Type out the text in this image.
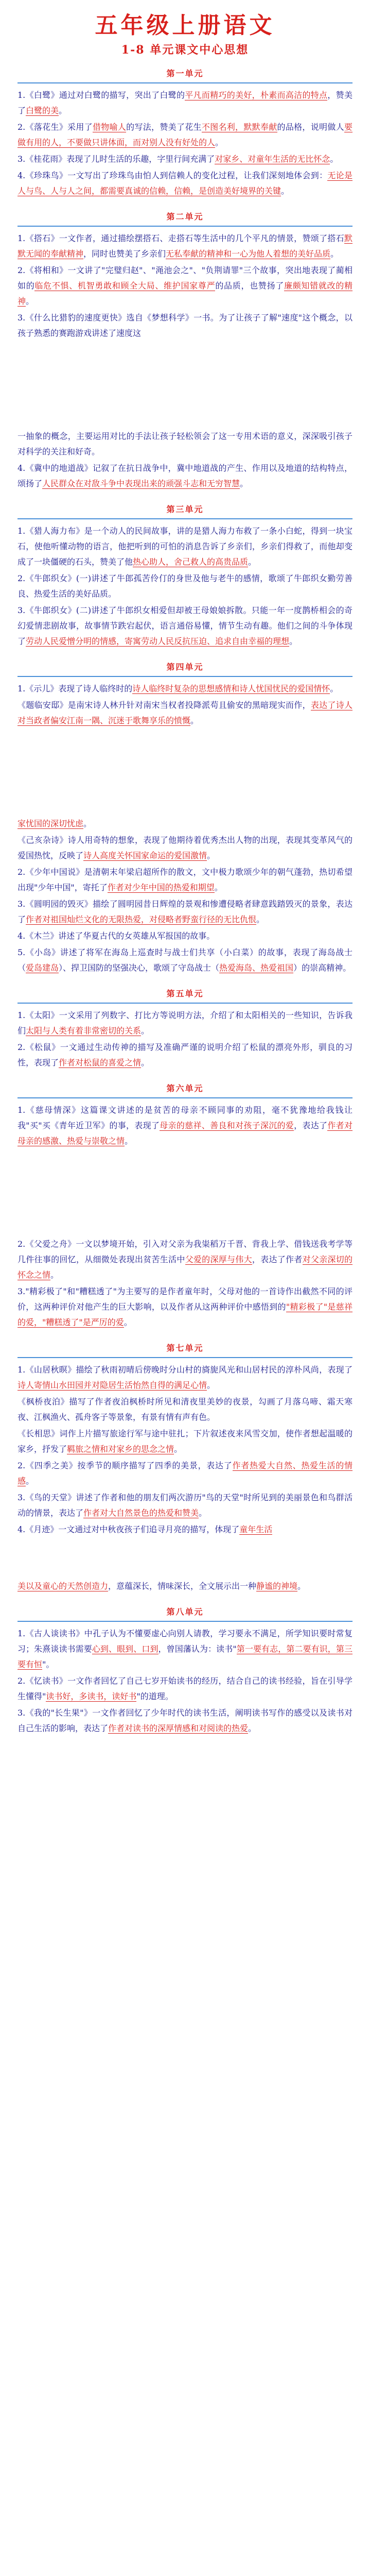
五年级上册语文
1-8 单元课文中心思想
第一单元

1.《白鹭》通过对白鹭的描写，突出了白鹭的平凡而精巧的美好，朴素而高洁的特点，赞美了白鹭的美。

2.《落花生》采用了借物喻人的写法，赞美了花生不图名利，默默奉献的品格，说明做人要做有用的人，不要做只讲体面，而对别人没有好处的人。

3.《桂花雨》表现了儿时生活的乐趣，字里行间充满了对家乡、对童年生活的无比怀念。

4.《珍珠鸟》一文写出了珍珠鸟由怕人到信赖人的变化过程，让我们深刻地体会到：无论是人与鸟、人与人之间，都需要真诚的信赖，信赖，是创造美好境界的关键。

第二单元

1.《搭石》一文作者，通过描绘摆搭石、走搭石等生活中的几个平凡的情景，赞颂了搭石默默无闻的奉献精神，同时也赞美了乡亲们无私奉献的精神和一心为他人着想的美好品质。

2.《将相和》一文讲了"完璧归赵"、"渑池会之"、"负荆请罪"三个故事，突出地表现了蔺相如的临危不惧、机智勇敢和顾全大局、维护国家尊严的品质，也赞扬了廉颇知错就改的精神。

3.《什么比猎豹的速度更快》选自《梦想科学》一书。为了让孩子了解"速度"这个概念，以孩子熟悉的赛跑游戏讲述了速度这

一抽象的概念，主要运用对比的手法让孩子轻松领会了这一专用术语的意义，深深吸引孩子对科学的关注和好奇。

4.《冀中的地道战》记叙了在抗日战争中，冀中地道战的产生、作用以及地道的结构特点，颂扬了人民群众在对敌斗争中表现出来的顽强斗志和无穷智慧。

第三单元

1.《猎人海力布》是一个动人的民间故事，讲的是猎人海力布救了一条小白蛇，得到一块宝石，使他听懂动物的语言，他把听到的可怕的消息告诉了乡亲们，乡亲们得救了，而他却变成了一块僵硬的石头，赞美了他热心助人，舍己救人的高贵品质。

2.《牛郎织女》(一)讲述了牛郎孤苦伶仃的身世及他与老牛的感情，歌颂了牛郎织女勤劳善良、热爱生活的美好品质。

3.《牛郎织女》(二)讲述了牛郎织女相爱但却被王母娘娘拆散。只能一年一度鹊桥相会的奇幻爱情悲剧故事，故事情节跌宕起伏，语言通俗易懂，情节生动有趣。他们之间的斗争体现了劳动人民爱憎分明的情感，寄寓劳动人民反抗压迫、追求自由幸福的理想。

第四单元

1.《示儿》表现了诗人临终时的诗人临终时复杂的思想感情和诗人忧国忧民的爱国情怀。

《题临安邸》是南宋诗人林升针对南宋当权者投降派苟且偷安的黑暗现实而作，表达了诗人对当政者偏安江南一隅、沉迷于歌舞享乐的愤慨。

家忧国的深切忧虑。

《己亥杂诗》诗人用奇特的想象，表现了他期待着优秀杰出人物的出现，表现其变革风气的爱国热忱，反映了诗人高度关怀国家命运的爱国激情。

2.《少年中国说》是清朝末年梁启超所作的散文，文中极力歌颂少年的朝气蓬勃，热切希望出现"少年中国"，寄托了作者对少年中国的热爱和期望。

3.《圆明园的毁灭》描绘了圆明园昔日辉煌的景观和惨遭侵略者肆意践踏毁灭的景象，表达了作者对祖国灿烂文化的无限热爱，对侵略者野蛮行径的无比仇恨。

4.《木兰》讲述了华夏古代的女英雄从军报国的故事。

5.《小岛》讲述了将军在海岛上巡查时与战士们共享（小白菜）的故事，表现了海岛战士（爱岛建岛）、捍卫国防的坚强决心，歌颂了守岛战士（热爱海岛、热爱祖国）的崇高精神。

第五单元

1.《太阳》一文采用了列数字、打比方等说明方法，介绍了和太阳相关的一些知识，告诉我们太阳与人类有着非常密切的关系。

2.《松鼠》一文通过生动传神的描写及准确严谨的说明介绍了松鼠的漂亮外形，驯良的习性，表现了作者对松鼠的喜爱之情。

第六单元

1.《慈母情深》这篇课文讲述的是贫苦的母亲不顾同事的劝阻，毫不犹豫地给我钱让我"买"买《青年近卫军》的事，表现了母亲的慈祥、善良和对孩子深沉的爱，表达了作者对母亲的感激、热爱与崇敬之情。

2.《父爱之舟》一文以梦境开始，引入对父亲为我粜稻万千晋、背我上学、借钱送我考学等几件往事的回忆，从细微处表现出贫苦生活中父爱的深厚与伟大，表达了作者对父亲深切的怀念之情。

3."精彩极了"和"糟糕透了"为主要写的是作者童年时，父母对他的一首诗作出截然不同的评价，这两种评价对他产生的巨大影响，以及作者从这两种评价中感悟到的"精彩极了"是慈祥的爱，"糟糕透了"是严厉的爱。

第七单元

1.《山居秋暝》描绘了秋雨初晴后傍晚时分山村的旖旎风光和山居村民的淳朴风尚，表现了诗人寄情山水田园并对隐居生活怡然自得的满足心情。

《枫桥夜泊》描写了作者夜泊枫桥时所见和清夜里美妙的夜景，勾画了月落乌啼、霜天寒夜、江枫渔火、孤舟客子等景象，有景有情有声有色。

《长相思》词作上片描写旅途行军与途中驻扎；下片叙述夜来风雪交加，使作者想起温暖的家乡，抒发了羁旅之情和对家乡的思念之情。

2.《四季之美》按季节的顺序描写了四季的美景，表达了作者热爱大自然、热爱生活的情感。

3.《鸟的天堂》讲述了作者和他的朋友们两次游历"鸟的天堂"时所见到的美丽景色和鸟群活动的情景，表达了作者对大自然景色的热爱和赞美。

4.《月迹》一文通过对中秋夜孩子们追寻月亮的描写，体现了童年生活

美以及童心的天然创造力，意蕴深长，情味深长，全文展示出一种静谧的神境。

第八单元

1.《古人谈读书》中孔子认为不懂要虚心向别人请教，学习要永不满足，所学知识要时常复习；朱熹谈读书需要心到、眼到、口到，曾国藩认为：读书"第一要有志，第二要有识，第三要有恒"。

2.《忆读书》一文作者回忆了自己七岁开始读书的经历，结合自己的读书经验，旨在引导学生懂得"读书好，多读书，读好书"的道理。

3.《我的"长生果"》一文作者回忆了少年时代的读书生活，阐明读书写作的感受以及读书对自己生活的影响，表达了作者对读书的深厚情感和对阅读的热爱。
